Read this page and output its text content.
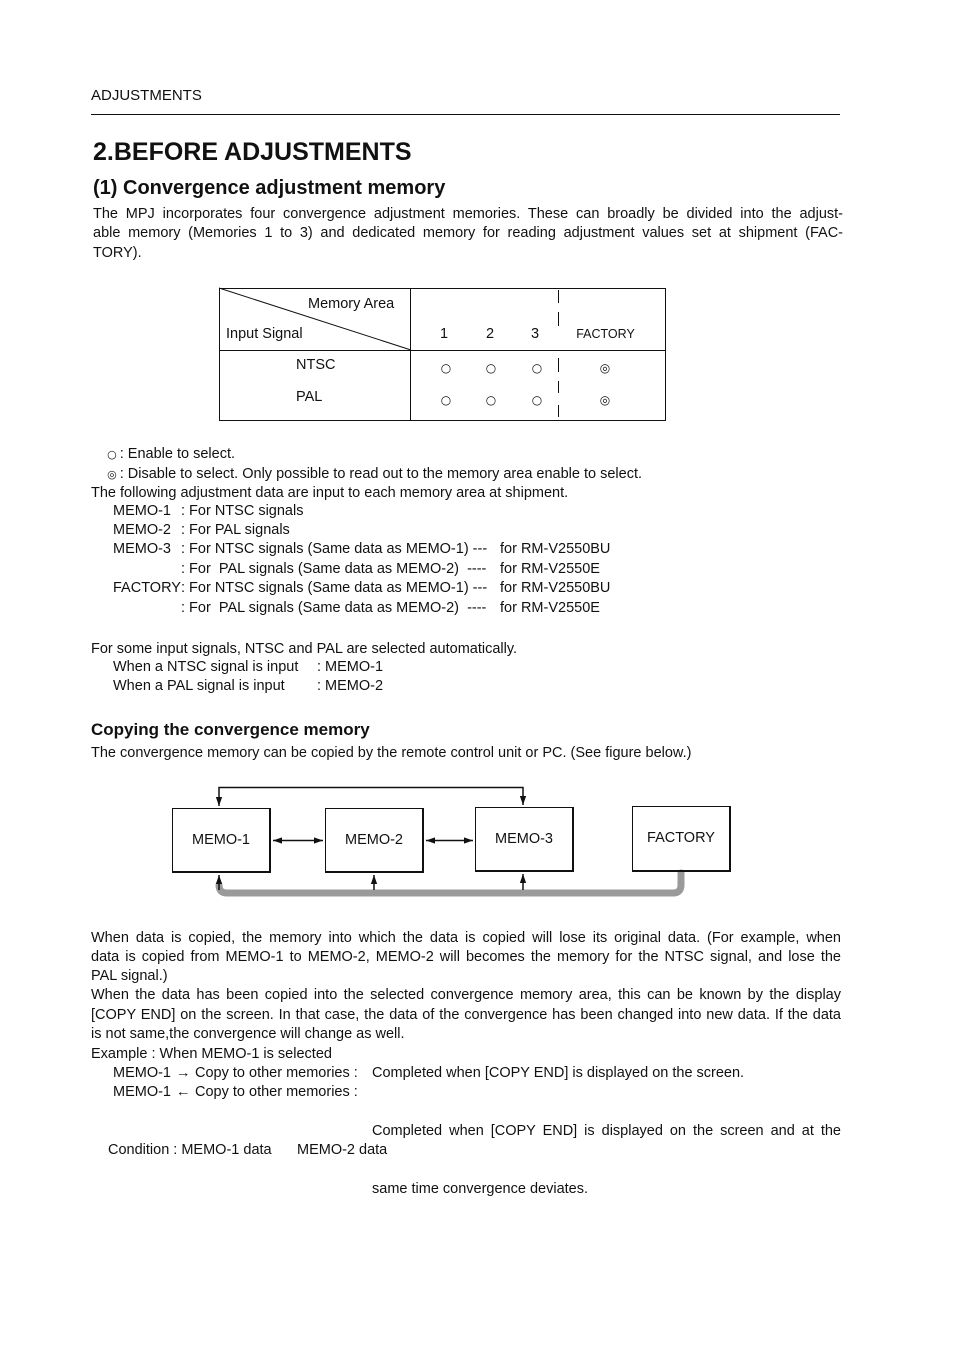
ADJUSTMENTS
2.BEFORE ADJUSTMENTS
(1) Convergence adjustment memory
The MPJ incorporates four convergence adjustment memories. These can broadly be divided into the adjust-
able memory (Memories 1 to 3) and dedicated memory for reading adjustment values set at shipment (FAC-
TORY).
Memory Area
Input Signal	1	2	3	FACTORY
NTSC	○	○	○	◎
PAL	○	○	○	◎

○ : Enable to select.

◎ : Disable to select. Only possible to read out to the memory area enable to select.

The following adjustment data are input to each memory area at shipment.
MEMO-1 : For NTSC signals
MEMO-2 : For PAL signals
MEMO-3 : For NTSC signals (Same data as MEMO-1) --- for RM-V2550BU
: For  PAL signals (Same data as MEMO-2)  ---- for RM-V2550E
FACTORY : For NTSC signals (Same data as MEMO-1) --- for RM-V2550BU
: For  PAL signals (Same data as MEMO-2)  ---- for RM-V2550E
For some input signals, NTSC and PAL are selected automatically.
When a NTSC signal is input : MEMO-1
When a PAL signal is input : MEMO-2
Copying the convergence memory
The convergence memory can be copied by the remote control unit or PC. (See figure below.)
MEMO-1	MEMO-2	MEMO-3	FACTORY
When data is copied, the memory into which the data is copied will lose its original data. (For example, when
data is copied from MEMO-1 to MEMO-2, MEMO-2 will becomes the memory for the NTSC signal, and lose the
PAL signal.)
When the data has been copied into the selected convergence memory area, this can be known by the display
[COPY END] on the screen. In that case, the data of the convergence has been changed into new data. If the data
is not same,the convergence will change as well.
Example : When MEMO-1 is selected
MEMO-1 → Copy to other memories : Completed when [COPY END] is displayed on the screen.
MEMO-1 ← Copy to other memories :

Completed when [COPY END] is displayed on the screen and at the

same time convergence deviates.

Condition : MEMO-1 data MEMO-2 data
